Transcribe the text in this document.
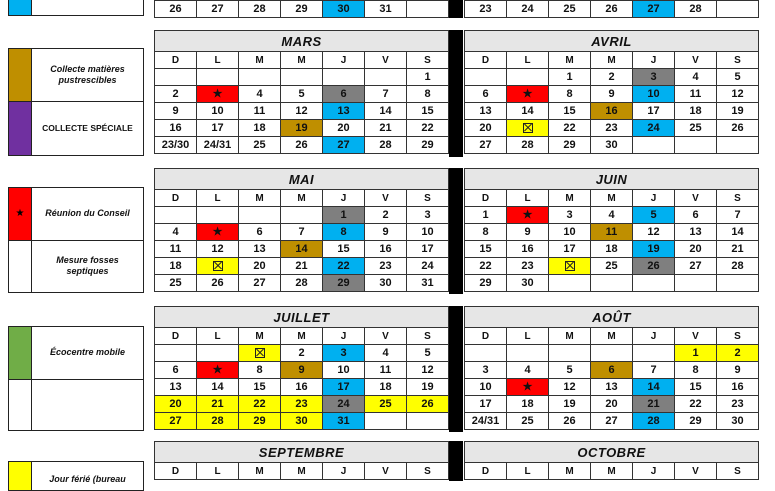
26	27	28	29	30	31		23	24	25	26	27	28	
Collecte matières pustrescibles
COLLECTE SPÉCIALE
★	Réunion du Conseil
Mesure fosses septiques
Écocentre mobile
Jour férié (bureau
MARS						
D	L	M	M	J	V	S
						1
2	★	4	5	6	7	8
9	10	11	12	13	14	15
16	17	18	19	20	21	22
23/30	24/31	25	26	27	28	29
AVRIL						
D	L	M	M	J	V	S
		1	2	3	4	5
6	★	8	9	10	11	12
13	14	15	16	17	18	19
20		22	23	24	25	26
27	28	29	30			
MAI						
D	L	M	M	J	V	S
				1	2	3
4	★	6	7	8	9	10
11	12	13	14	15	16	17
18		20	21	22	23	24
25	26	27	28	29	30	31
JUIN						
D	L	M	M	J	V	S
1	★	3	4	5	6	7
8	9	10	11	12	13	14
15	16	17	18	19	20	21
22	23		25	26	27	28
29	30					
JUILLET						
D	L	M	M	J	V	S
			2	3	4	5
6	★	8	9	10	11	12
13	14	15	16	17	18	19
20	21	22	23	24	25	26
27	28	29	30	31		
AOÛT						
D	L	M	M	J	V	S
					1	2
3	4	5	6	7	8	9
10	★	12	13	14	15	16
17	18	19	20	21	22	23
24/31	25	26	27	28	29	30
SEPTEMBRE
D	L	M	M	J	V	S
OCTOBRE
D	L	M	M	J	V	S
